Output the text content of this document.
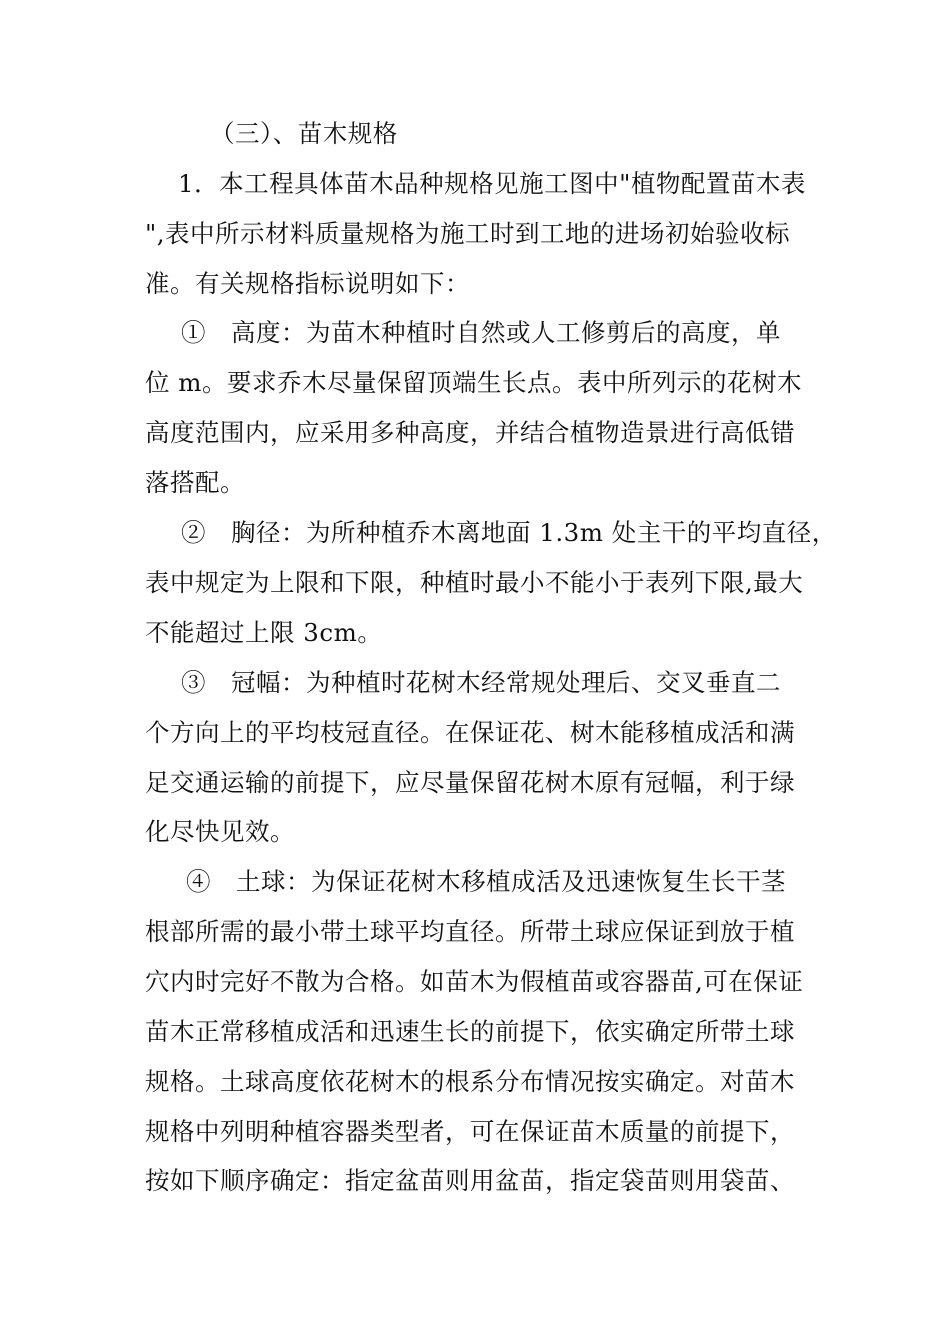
（三）、苗木规格
1．本工程具体苗木品种规格见施工图中"植物配置苗木表
",表中所示材料质量规格为施工时到工地的进场初始验收标
准。有关规格指标说明如下：
①　高度：为苗木种植时自然或人工修剪后的高度，单
位 m。要求乔木尽量保留顶端生长点。表中所列示的花树木
高度范围内，应采用多种高度，并结合植物造景进行高低错
落搭配。
②　胸径：为所种植乔木离地面 1.3m 处主干的平均直径，
表中规定为上限和下限，种植时最小不能小于表列下限,最大
不能超过上限 3cm。
③　冠幅：为种植时花树木经常规处理后、交叉垂直二
个方向上的平均枝冠直径。在保证花、树木能移植成活和满
足交通运输的前提下，应尽量保留花树木原有冠幅，利于绿
化尽快见效。
④　土球：为保证花树木移植成活及迅速恢复生长干茎
根部所需的最小带土球平均直径。所带土球应保证到放于植
穴内时完好不散为合格。如苗木为假植苗或容器苗,可在保证
苗木正常移植成活和迅速生长的前提下，依实确定所带土球
规格。土球高度依花树木的根系分布情况按实确定。对苗木
规格中列明种植容器类型者，可在保证苗木质量的前提下，
按如下顺序确定：指定盆苗则用盆苗，指定袋苗则用袋苗、
